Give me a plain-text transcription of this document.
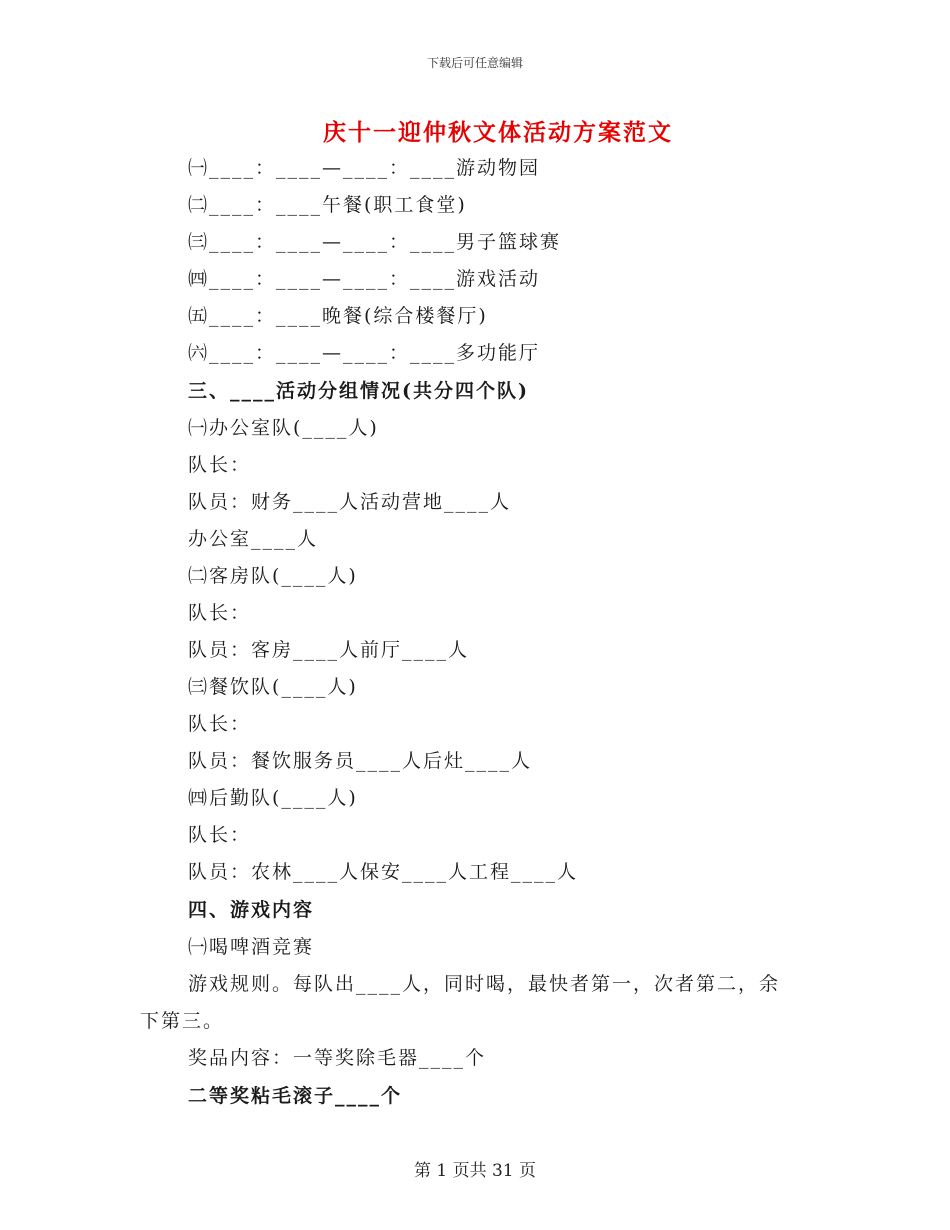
下载后可任意编辑
庆十一迎仲秋文体活动方案范文
㈠____：____—____：____游动物园
㈡____：____午餐(职工食堂)
㈢____：____—____：____男子篮球赛
㈣____：____—____：____游戏活动
㈤____：____晚餐(综合楼餐厅)
㈥____：____—____：____多功能厅
三、____活动分组情况(共分四个队)
㈠办公室队(____人)
队长：
队员：财务____人活动营地____人
办公室____人
㈡客房队(____人)
队长：
队员：客房____人前厅____人
㈢餐饮队(____人)
队长：
队员：餐饮服务员____人后灶____人
㈣后勤队(____人)
队长：
队员：农林____人保安____人工程____人
四、游戏内容
㈠喝啤酒竞赛
游戏规则。每队出____人，同时喝，最快者第一，次者第二，余
下第三。
奖品内容：一等奖除毛器____个
二等奖粘毛滚子____个
第 1 页共 31 页
